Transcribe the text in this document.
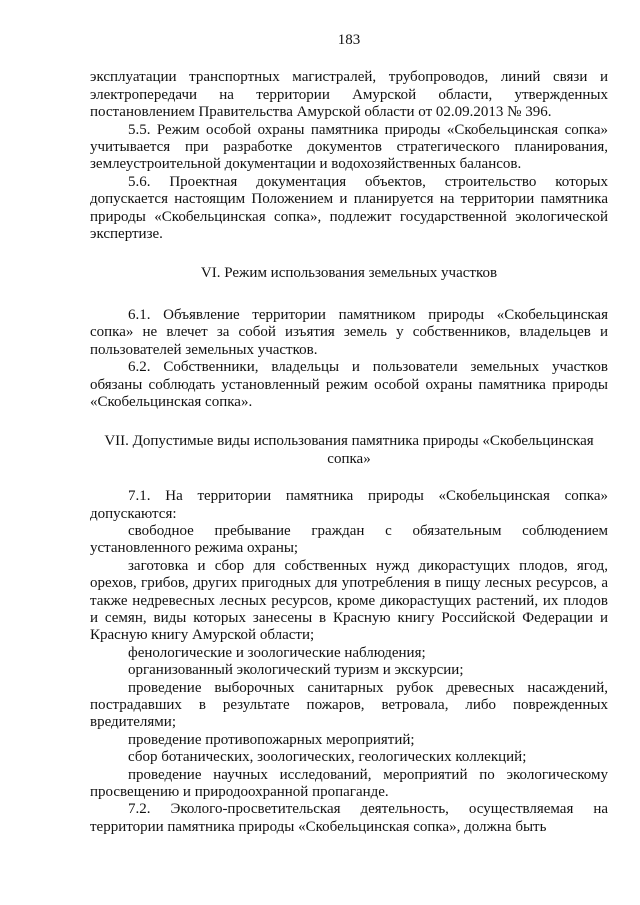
183

эксплуатации транспортных магистралей, трубопроводов, линий связи и электропередачи на территории Амурской области, утвержденных постановлением Правительства Амурской области от 02.09.2013 № 396.

5.5. Режим особой охраны памятника природы «Скобельцинская сопка» учитывается при разработке документов стратегического планирования, землеустроительной документации и водохозяйственных балансов.

5.6. Проектная документация объектов, строительство которых допускается настоящим Положением и планируется на территории памятника природы «Скобельцинская сопка», подлежит государственной экологической экспертизе.

VI. Режим использования земельных участков

6.1. Объявление территории памятником природы «Скобельцинская сопка» не влечет за собой изъятия земель у собственников, владельцев и пользователей земельных участков.

6.2. Собственники, владельцы и пользователи земельных участков обязаны соблюдать установленный режим особой охраны памятника природы «Скобельцинская сопка».

VII. Допустимые виды использования памятника природы «Скобельцинская
сопка»

7.1. На территории памятника природы «Скобельцинская сопка» допускаются:

свободное пребывание граждан с обязательным соблюдением установленного режима охраны;

заготовка и сбор для собственных нужд дикорастущих плодов, ягод, орехов, грибов, других пригодных для употребления в пищу лесных ресурсов, а также недревесных лесных ресурсов, кроме дикорастущих растений, их плодов и семян, виды которых занесены в Красную книгу Российской Федерации и Красную книгу Амурской области;

фенологические и зоологические наблюдения;

организованный экологический туризм и экскурсии;

проведение выборочных санитарных рубок древесных насаждений, пострадавших в результате пожаров, ветровала, либо поврежденных вредителями;

проведение противопожарных мероприятий;

сбор ботанических, зоологических, геологических коллекций;

проведение научных исследований, мероприятий по экологическому просвещению и природоохранной пропаганде.

7.2. Эколого-просветительская деятельность, осуществляемая на территории памятника природы «Скобельцинская сопка», должна быть
